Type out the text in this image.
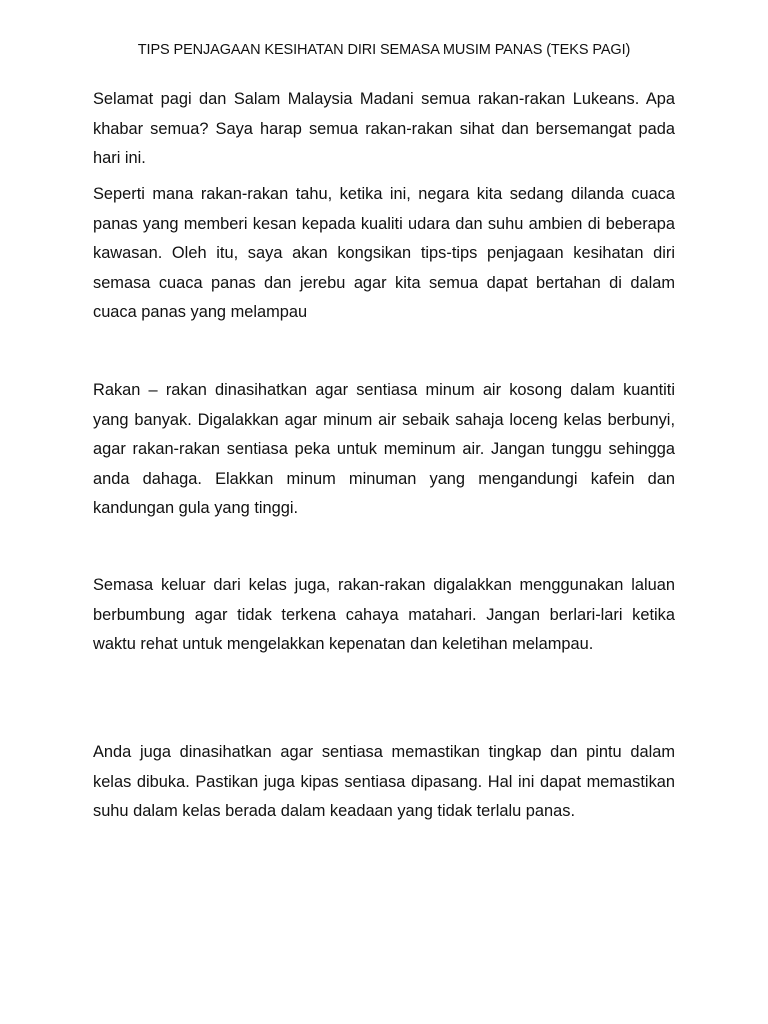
TIPS PENJAGAAN KESIHATAN DIRI SEMASA MUSIM PANAS (TEKS PAGI)

Selamat pagi dan Salam Malaysia Madani semua rakan-rakan Lukeans. Apa khabar semua? Saya harap semua rakan-rakan sihat dan bersemangat pada hari ini.

Seperti mana rakan-rakan tahu, ketika ini, negara kita sedang dilanda cuaca panas yang memberi kesan kepada kualiti udara dan suhu ambien di beberapa kawasan. Oleh itu, saya akan kongsikan tips-tips penjagaan kesihatan diri semasa cuaca panas dan jerebu agar kita semua dapat bertahan di dalam cuaca panas yang melampau

Rakan – rakan dinasihatkan agar sentiasa minum air kosong dalam kuantiti yang banyak. Digalakkan agar minum air sebaik sahaja loceng kelas berbunyi, agar rakan-rakan sentiasa peka untuk meminum air. Jangan tunggu sehingga anda dahaga. Elakkan minum minuman yang mengandungi kafein dan kandungan gula yang tinggi.

Semasa keluar dari kelas juga, rakan-rakan digalakkan menggunakan laluan berbumbung agar tidak terkena cahaya matahari. Jangan berlari-lari ketika waktu rehat untuk mengelakkan kepenatan dan keletihan melampau.

Anda juga dinasihatkan agar sentiasa memastikan tingkap dan pintu dalam kelas dibuka. Pastikan juga kipas sentiasa dipasang. Hal ini dapat memastikan suhu dalam kelas berada dalam keadaan yang tidak terlalu panas.
